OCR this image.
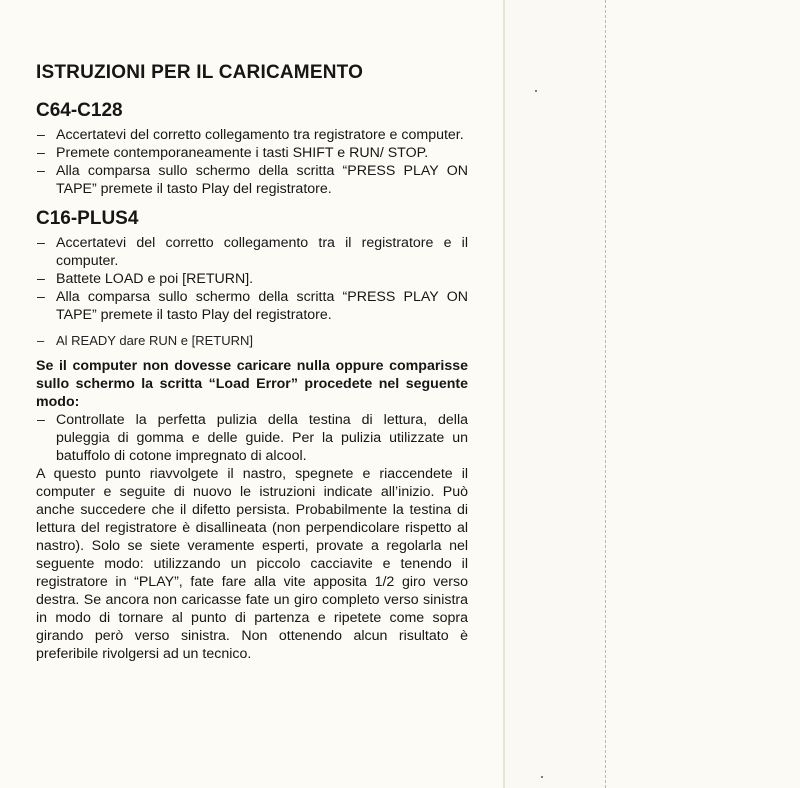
ISTRUZIONI PER IL CARICAMENTO
C64-C128
– Accertatevi del corretto collegamento tra registratore e computer.
– Premete contemporaneamente i tasti SHIFT e RUN/ STOP.
– Alla comparsa sullo schermo della scritta “PRESS PLAY ON TAPE” premete il tasto Play del registratore.
C16-PLUS4
– Accertatevi del corretto collegamento tra il registratore e il computer.
– Battete LOAD e poi [RETURN].
– Alla comparsa sullo schermo della scritta “PRESS PLAY ON TAPE” premete il tasto Play del registratore.
– Al READY dare RUN e [RETURN]

Se il computer non dovesse caricare nulla oppure comparisse sullo schermo la scritta “Load Error” procedete nel seguente modo:

– Controllate la perfetta pulizia della testina di lettura, della puleggia di gomma e delle guide. Per la pulizia utilizzate un batuffolo di cotone impregnato di alcool.

A questo punto riavvolgete il nastro, spegnete e riaccendete il computer e seguite di nuovo le istruzioni indicate all’inizio. Può anche succedere che il difetto persista. Probabilmente la testina di lettura del registratore è disallineata (non perpendicolare rispetto al nastro). Solo se siete veramente esperti, provate a regolarla nel seguente modo: utilizzando un piccolo cacciavite e tenendo il registratore in “PLAY”, fate fare alla vite apposita 1/2 giro verso destra. Se ancora non caricasse fate un giro completo verso sinistra in modo di tornare al punto di partenza e ripetete come sopra girando però verso sinistra. Non ottenendo alcun risultato è preferibile rivolgersi ad un tecnico.
